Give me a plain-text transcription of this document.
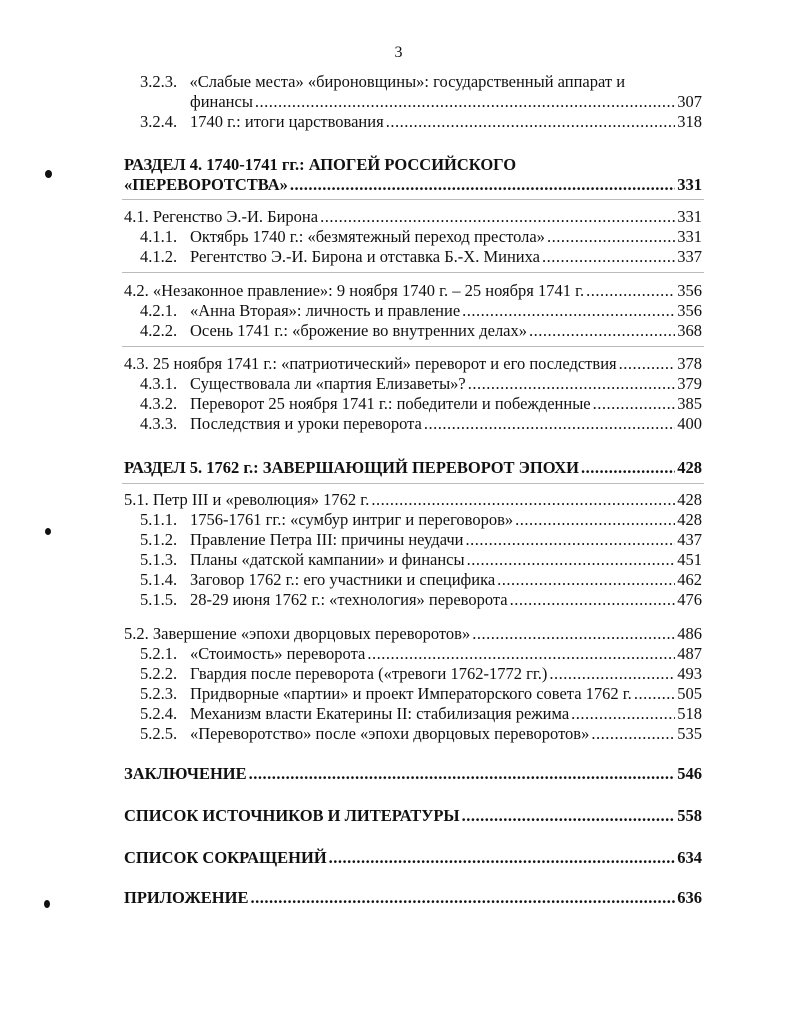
3
3.2.3. «Слабые места» «бироновщины»: государственный аппарат и
финансы .....	307
3.2.4. 1740 г.: итоги царствования .....	318
РАЗДЕЛ 4. 1740-1741 гг.: АПОГЕЙ РОССИЙСКОГО
«ПЕРЕВОРОТСТВА» .....	331
4.1. Регенство Э.-И. Бирона .....	331
4.1.1. Октябрь 1740 г.: «безмятежный переход престола» .....	331
4.1.2. Регентство Э.-И. Бирона и отставка Б.-Х. Миниха .....	337
4.2. «Незаконное правление»: 9 ноября 1740 г. – 25 ноября 1741 г. .....	356
4.2.1. «Анна Вторая»: личность и правление .....	356
4.2.2. Осень 1741 г.: «брожение во внутренних делах» .....	368
4.3. 25 ноября 1741 г.: «патриотический» переворот и его последствия .....	378
4.3.1. Существовала ли «партия Елизаветы»? .....	379
4.3.2. Переворот 25 ноября 1741 г.: победители и побежденные .....	385
4.3.3. Последствия и уроки переворота .....	400
РАЗДЕЛ 5. 1762 г.: ЗАВЕРШАЮЩИЙ ПЕРЕВОРОТ ЭПОХИ .....	428
5.1. Петр III и «революция» 1762 г. .....	428
5.1.1. 1756-1761 гг.: «сумбур интриг и переговоров» .....	428
5.1.2. Правление Петра III: причины неудачи .....	437
5.1.3. Планы «датской кампании» и финансы .....	451
5.1.4. Заговор 1762 г.: его участники и специфика .....	462
5.1.5. 28-29 июня 1762 г.: «технология» переворота .....	476
5.2. Завершение «эпохи дворцовых переворотов» .....	486
5.2.1. «Стоимость» переворота .....	487
5.2.2. Гвардия после переворота («тревоги 1762-1772 гг.) .....	493
5.2.3. Придворные «партии» и проект Императорского совета 1762 г. .....	505
5.2.4. Механизм власти Екатерины II: стабилизация режима .....	518
5.2.5. «Переворотство» после «эпохи дворцовых переворотов» .....	535
ЗАКЛЮЧЕНИЕ .....	546
СПИСОК ИСТОЧНИКОВ И ЛИТЕРАТУРЫ .....	558
СПИСОК СОКРАЩЕНИЙ .....	634
ПРИЛОЖЕНИЕ .....	636
